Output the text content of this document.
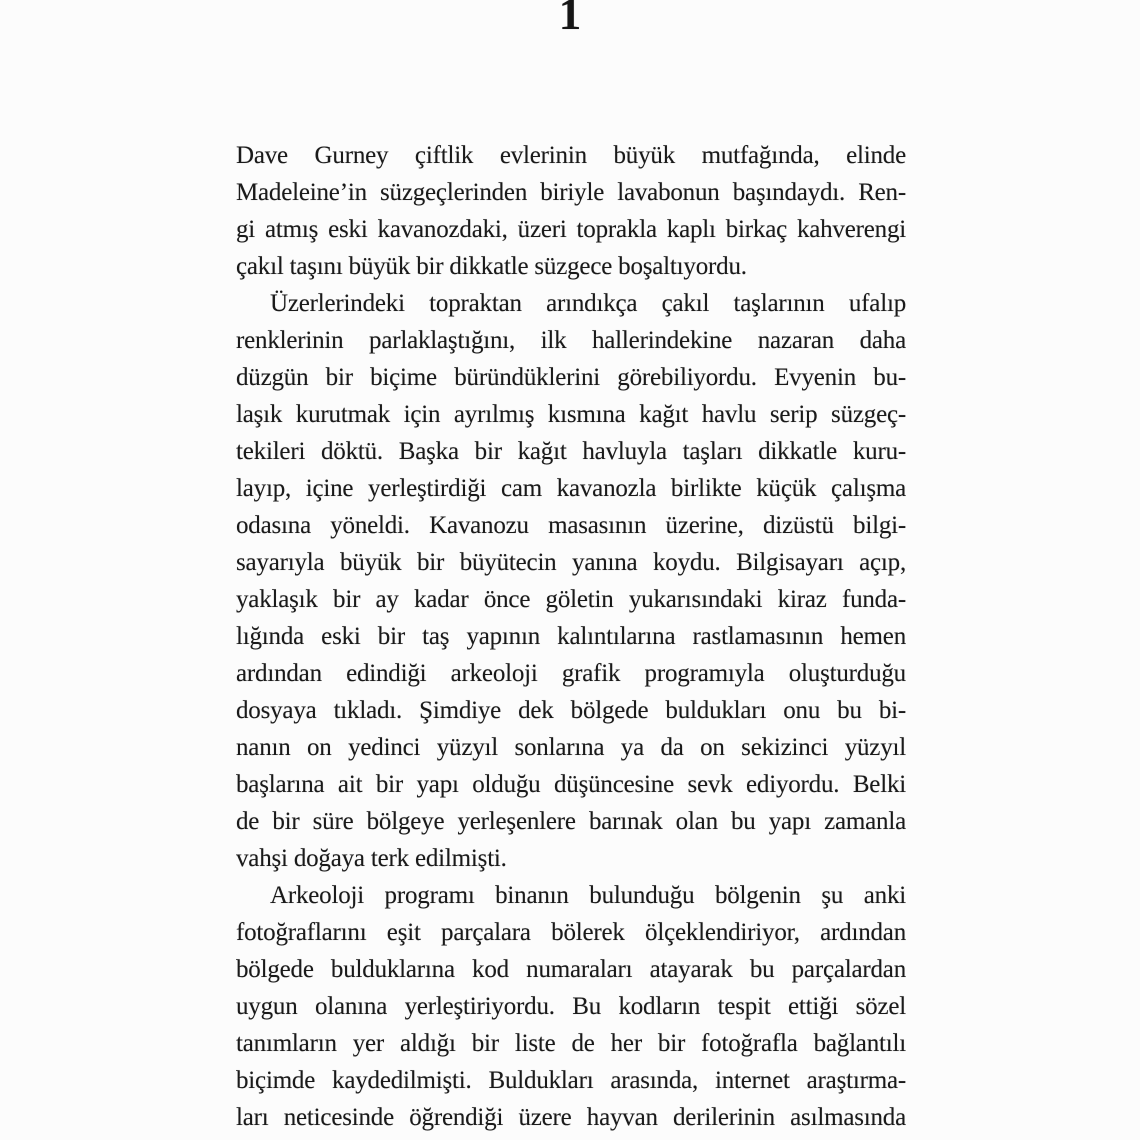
1
Dave Gurney çiftlik evlerinin büyük mutfağında, elinde
Madeleine’in süzgeçlerinden biriyle lavabonun başındaydı. Ren-
gi atmış eski kavanozdaki, üzeri toprakla kaplı birkaç kahverengi
çakıl taşını büyük bir dikkatle süzgece boşaltıyordu.
Üzerlerindeki topraktan arındıkça çakıl taşlarının ufalıp
renklerinin parlaklaştığını, ilk hallerindekine nazaran daha
düzgün bir biçime büründüklerini görebiliyordu. Evyenin bu-
laşık kurutmak için ayrılmış kısmına kağıt havlu serip süzgeç-
tekileri döktü. Başka bir kağıt havluyla taşları dikkatle kuru-
layıp, içine yerleştirdiği cam kavanozla birlikte küçük çalışma
odasına yöneldi. Kavanozu masasının üzerine, dizüstü bilgi-
sayarıyla büyük bir büyütecin yanına koydu. Bilgisayarı açıp,
yaklaşık bir ay kadar önce göletin yukarısındaki kiraz funda-
lığında eski bir taş yapının kalıntılarına rastlamasının hemen
ardından edindiği arkeoloji grafik programıyla oluşturduğu
dosyaya tıkladı. Şimdiye dek bölgede buldukları onu bu bi-
nanın on yedinci yüzyıl sonlarına ya da on sekizinci yüzyıl
başlarına ait bir yapı olduğu düşüncesine sevk ediyordu. Belki
de bir süre bölgeye yerleşenlere barınak olan bu yapı zamanla
vahşi doğaya terk edilmişti.
Arkeoloji programı binanın bulunduğu bölgenin şu anki
fotoğraflarını eşit parçalara bölerek ölçeklendiriyor, ardından
bölgede bulduklarına kod numaraları atayarak bu parçalardan
uygun olanına yerleştiriyordu. Bu kodların tespit ettiği sözel
tanımların yer aldığı bir liste de her bir fotoğrafla bağlantılı
biçimde kaydedilmişti. Buldukları arasında, internet araştırma-
ları neticesinde öğrendiği üzere hayvan derilerinin asılmasında
